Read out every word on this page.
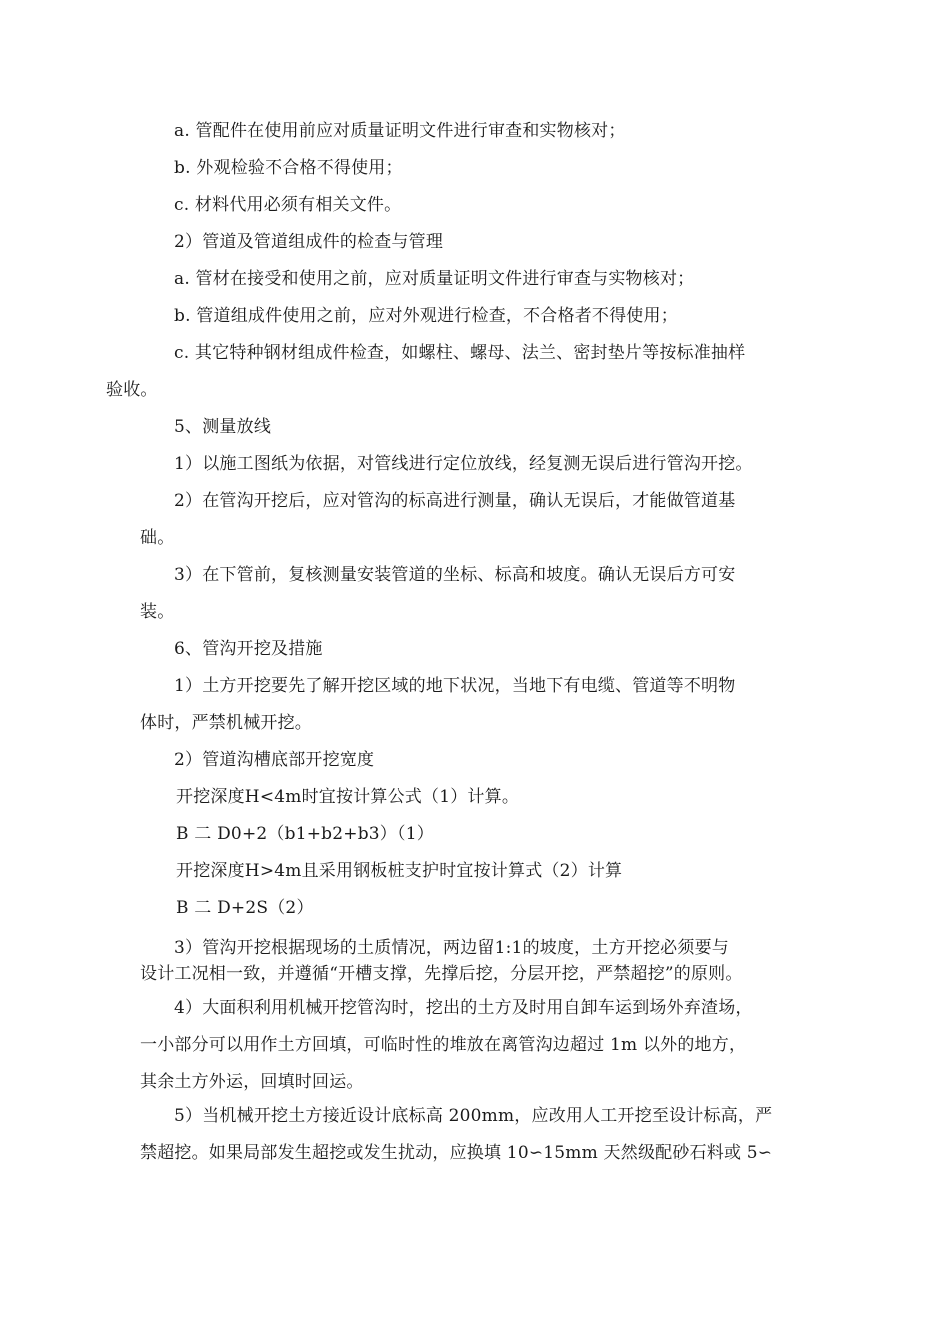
a. 管配件在使用前应对质量证明文件进行审查和实物核对；

b. 外观检验不合格不得使用；

c. 材料代用必须有相关文件。

2）管道及管道组成件的检查与管理

a. 管材在接受和使用之前，应对质量证明文件进行审查与实物核对；

b. 管道组成件使用之前，应对外观进行检查，不合格者不得使用；

c. 其它特种钢材组成件检查，如螺柱、螺母、法兰、密封垫片等按标准抽样
验收。

5、测量放线

1）以施工图纸为依据，对管线进行定位放线，经复测无误后进行管沟开挖。

2）在管沟开挖后，应对管沟的标高进行测量，确认无误后，才能做管道基
础。

3）在下管前，复核测量安装管道的坐标、标高和坡度。确认无误后方可安
装。

6、管沟开挖及措施

1）土方开挖要先了解开挖区域的地下状况，当地下有电缆、管道等不明物
体时，严禁机械开挖。

2）管道沟槽底部开挖宽度

开挖深度H<4m时宜按计算公式（1）计算。

B 二 D0+2（b1+b2+b3）（1）

开挖深度H>4m且采用钢板桩支护时宜按计算式（2）计算

B 二 D+2S（2）

3）管沟开挖根据现场的土质情况，两边留1:1的坡度，土方开挖必须要与
设计工况相一致，并遵循“开槽支撑，先撑后挖，分层开挖，严禁超挖”的原则。

4）大面积利用机械开挖管沟时，挖出的土方及时用自卸车运到场外弃渣场，
一小部分可以用作土方回填，可临时性的堆放在离管沟边超过 1m 以外的地方，
其余土方外运，回填时回运。

5）当机械开挖土方接近设计底标高 200mm，应改用人工开挖至设计标高，严
禁超挖。如果局部发生超挖或发生扰动，应换填 10∽15mm 天然级配砂石料或 5∽
